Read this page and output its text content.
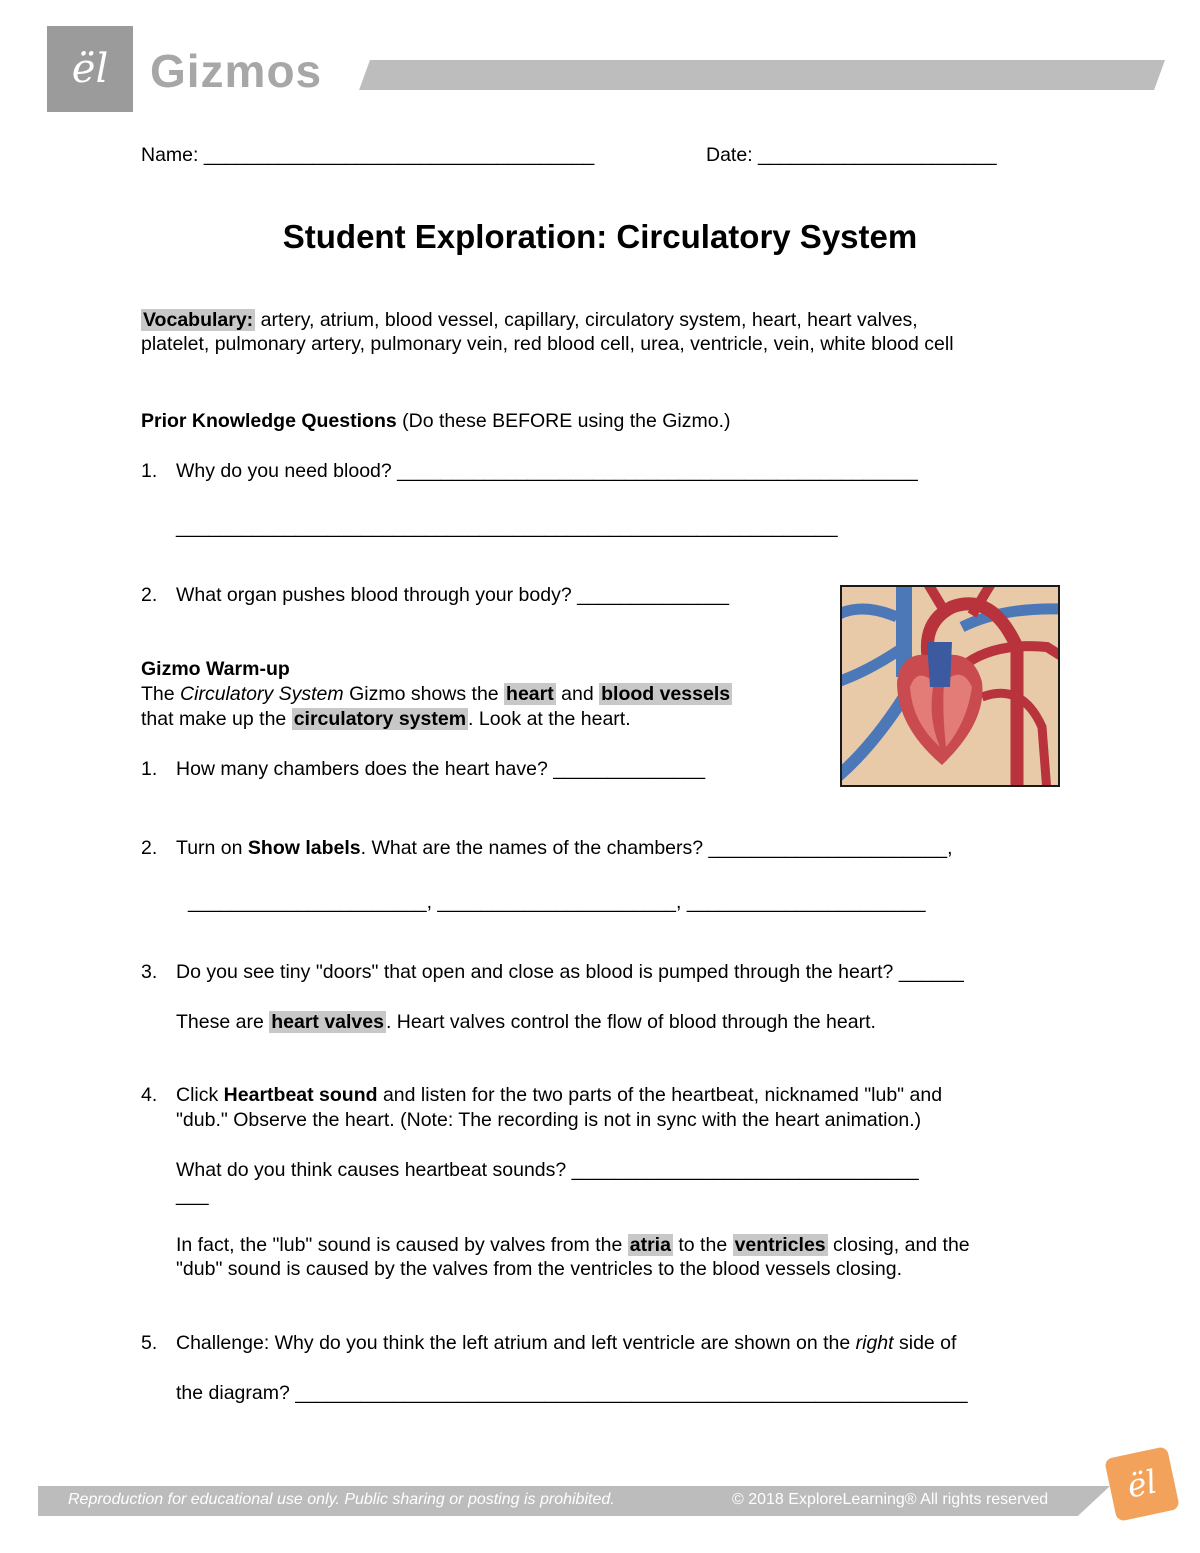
ël Gizmos
Name: ____________________________________	Date: ______________________
Student Exploration: Circulatory System
Vocabulary: artery, atrium, blood vessel, capillary, circulatory system, heart, heart valves,
platelet, pulmonary artery, pulmonary vein, red blood cell, urea, ventricle, vein, white blood cell
Prior Knowledge Questions (Do these BEFORE using the Gizmo.)
1. Why do you need blood? ________________________________________________
_____________________________________________________________
2. What organ pushes blood through your body? ______________
Gizmo Warm-up
The Circulatory System Gizmo shows the heart and blood vessels
that make up the circulatory system . Look at the heart.
1. How many chambers does the heart have? ______________
2. Turn on Show labels. What are the names of the chambers? ______________________,
______________________, ______________________, ______________________
3. Do you see tiny "doors" that open and close as blood is pumped through the heart? ______
These are heart valves . Heart valves control the flow of blood through the heart.
4. Click Heartbeat sound and listen for the two parts of the heartbeat, nicknamed "lub" and
"dub." Observe the heart. (Note: The recording is not in sync with the heart animation.)
What do you think causes heartbeat sounds? ________________________________
___
In fact, the "lub" sound is caused by valves from the atria to the ventricles closing, and the
"dub" sound is caused by the valves from the ventricles to the blood vessels closing.
5. Challenge: Why do you think the left atrium and left ventricle are shown on the right side of
the diagram? ______________________________________________________________
Reproduction for educational use only. Public sharing or posting is prohibited.	© 2018 ExploreLearning® All rights reserved ël
